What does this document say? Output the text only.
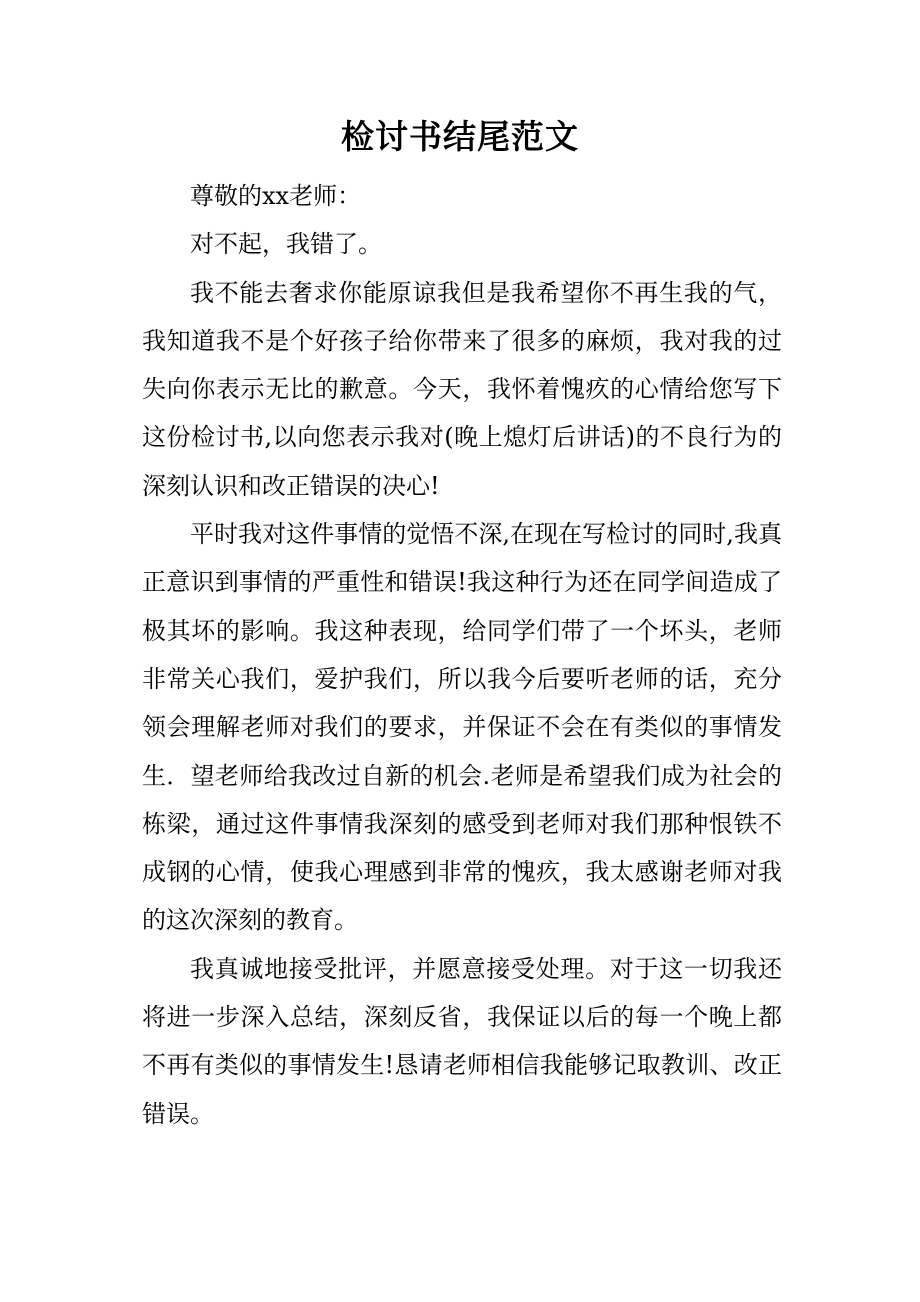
检讨书结尾范文

尊敬的xx老师：

对不起，我错了。

我不能去奢求你能原谅我但是我希望你不再生我的气，我知道我不是个好孩子给你带来了很多的麻烦，我对我的过失向你表示无比的歉意。今天，我怀着愧疚的心情给您写下这份检讨书,以向您表示我对(晚上熄灯后讲话)的不良行为的深刻认识和改正错误的决心!

平时我对这件事情的觉悟不深,在现在写检讨的同时,我真正意识到事情的严重性和错误!我这种行为还在同学间造成了极其坏的影响。我这种表现，给同学们带了一个坏头，老师非常关心我们，爱护我们，所以我今后要听老师的话，充分领会理解老师对我们的要求，并保证不会在有类似的事情发生．望老师给我改过自新的机会.老师是希望我们成为社会的栋梁，通过这件事情我深刻的感受到老师对我们那种恨铁不成钢的心情，使我心理感到非常的愧疚，我太感谢老师对我的这次深刻的教育。

我真诚地接受批评，并愿意接受处理。对于这一切我还将进一步深入总结，深刻反省，我保证以后的每一个晚上都不再有类似的事情发生!恳请老师相信我能够记取教训、改正错误。
